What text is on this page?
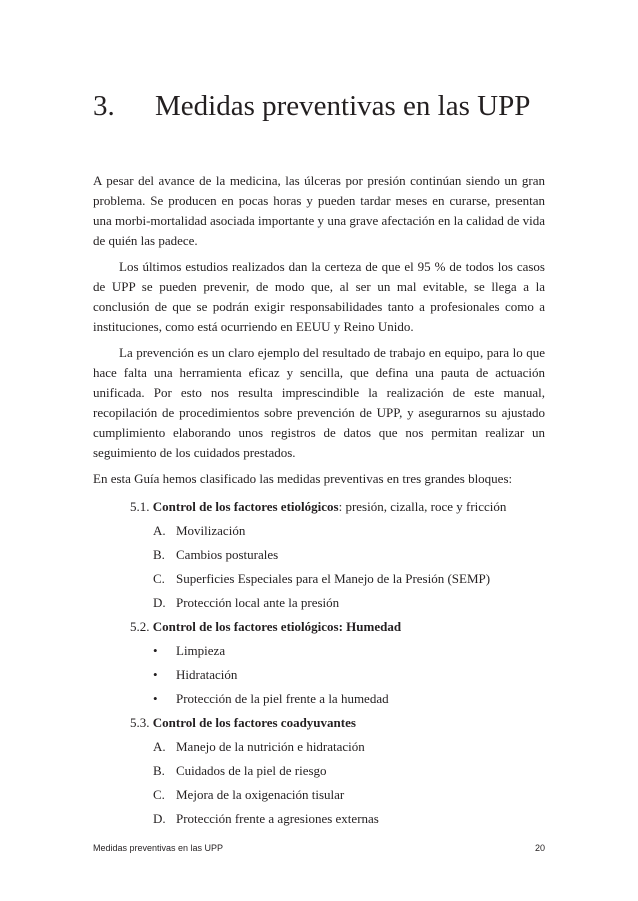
3. Medidas preventivas en las UPP

A pesar del avance de la medicina, las úlceras por presión continúan siendo un gran problema. Se producen en pocas horas y pueden tardar meses en curarse, presentan una morbi-mortalidad asociada importante y una grave afectación en la calidad de vida de quién las padece.

Los últimos estudios realizados dan la certeza de que el 95 % de todos los casos de UPP se pueden prevenir, de modo que, al ser un mal evitable, se llega a la conclusión de que se podrán exigir responsabilidades tanto a profesionales como a instituciones, como está ocurriendo en EEUU y Reino Unido.

La prevención es un claro ejemplo del resultado de trabajo en equipo, para lo que hace falta una herramienta eficaz y sencilla, que defina una pauta de actuación unificada. Por esto nos resulta imprescindible la realización de este manual, recopilación de procedimientos sobre prevención de UPP, y asegurarnos su ajustado cumplimiento elaborando unos registros de datos que nos permitan realizar un seguimiento de los cuidados prestados.

En esta Guía hemos clasificado las medidas preventivas en tres grandes bloques:

5.1. Control de los factores etiológicos: presión, cizalla, roce y fricción
A. Movilización
B. Cambios posturales
C. Superficies Especiales para el Manejo de la Presión (SEMP)
D. Protección local ante la presión
5.2. Control de los factores etiológicos: Humedad
• Limpieza
• Hidratación
• Protección de la piel frente a la humedad
5.3. Control de los factores coadyuvantes
A. Manejo de la nutrición e hidratación
B. Cuidados de la piel de riesgo
C. Mejora de la oxigenación tisular
D. Protección frente a agresiones externas
Medidas preventivas en las UPP	20
